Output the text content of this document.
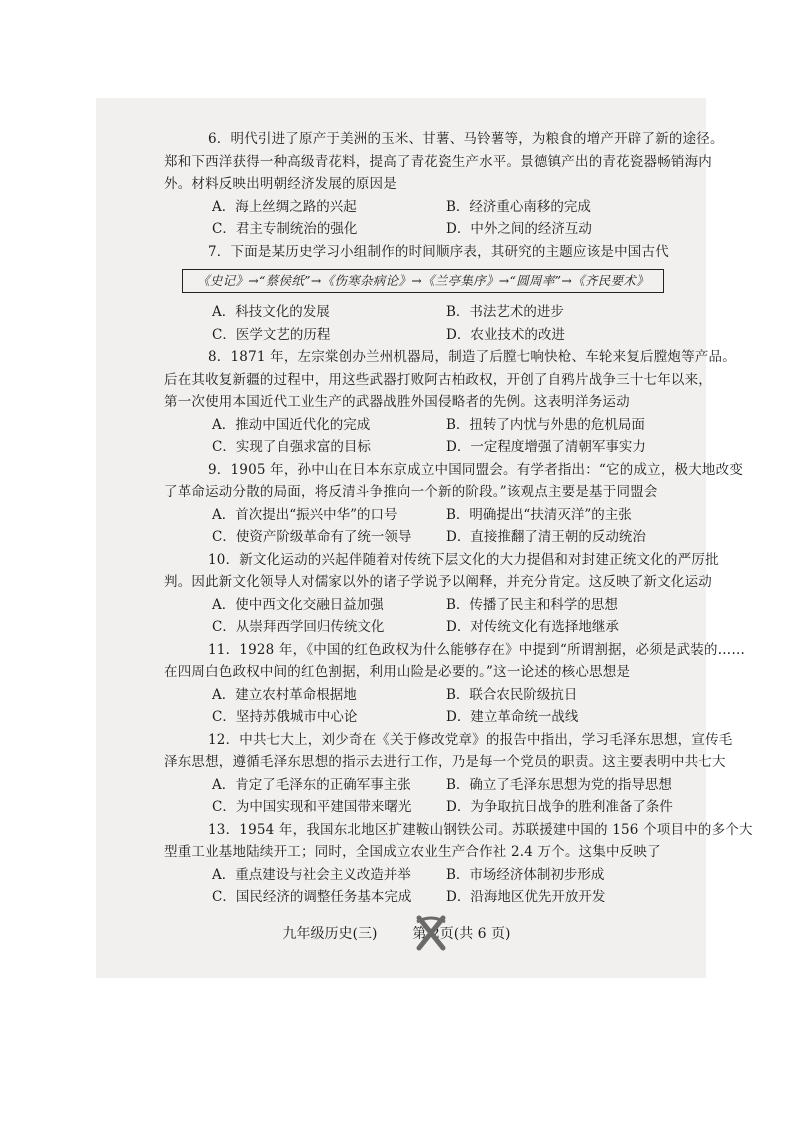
6．明代引进了原产于美洲的玉米、甘薯、马铃薯等，为粮食的增产开辟了新的途径。
郑和下西洋获得一种高级青花料，提高了青花瓷生产水平。景德镇产出的青花瓷器畅销海内
外。材料反映出明朝经济发展的原因是
A．海上丝绸之路的兴起	B．经济重心南移的完成
C．君主专制统治的强化	D．中外之间的经济互动
7．下面是某历史学习小组制作的时间顺序表，其研究的主题应该是中国古代
《史记》→“蔡侯纸”→《伤寒杂病论》→《兰亭集序》→“圆周率”→《齐民要术》
A．科技文化的发展	B．书法艺术的进步
C．医学文艺的历程	D．农业技术的改进
8．1871 年，左宗棠创办兰州机器局，制造了后膛七响快枪、车轮来复后膛炮等产品。
后在其收复新疆的过程中，用这些武器打败阿古柏政权，开创了自鸦片战争三十七年以来，
第一次使用本国近代工业生产的武器战胜外国侵略者的先例。这表明洋务运动
A．推动中国近代化的完成	B．扭转了内忧与外患的危机局面
C．实现了自强求富的目标	D．一定程度增强了清朝军事实力
9．1905 年，孙中山在日本东京成立中国同盟会。有学者指出：“它的成立，极大地改变
了革命运动分散的局面，将反清斗争推向一个新的阶段。”该观点主要是基于同盟会
A．首次提出“振兴中华”的口号	B．明确提出“扶清灭洋”的主张
C．使资产阶级革命有了统一领导	D．直接推翻了清王朝的反动统治
10．新文化运动的兴起伴随着对传统下层文化的大力提倡和对封建正统文化的严厉批
判。因此新文化领导人对儒家以外的诸子学说予以阐释，并充分肯定。这反映了新文化运动
A．使中西文化交融日益加强	B．传播了民主和科学的思想
C．从崇拜西学回归传统文化	D．对传统文化有选择地继承
11．1928 年，《中国的红色政权为什么能够存在》中提到“所谓割据，必须是武装的……
在四周白色政权中间的红色割据，利用山险是必要的。”这一论述的核心思想是
A．建立农村革命根据地	B．联合农民阶级抗日
C．坚持苏俄城市中心论	D．建立革命统一战线
12．中共七大上，刘少奇在《关于修改党章》的报告中指出，学习毛泽东思想，宣传毛
泽东思想，遵循毛泽东思想的指示去进行工作，乃是每一个党员的职责。这主要表明中共七大
A．肯定了毛泽东的正确军事主张	B．确立了毛泽东思想为党的指导思想
C．为中国实现和平建国带来曙光	D．为争取抗日战争的胜利准备了条件
13．1954 年，我国东北地区扩建鞍山钢铁公司。苏联援建中国的 156 个项目中的多个大
型重工业基地陆续开工；同时，全国成立农业生产合作社 2.4 万个。这集中反映了
A．重点建设与社会主义改造并举	B．市场经济体制初步形成
C．国民经济的调整任务基本完成	D．沿海地区优先开放开发
九年级历史(三) 第 2页(共 6 页)
